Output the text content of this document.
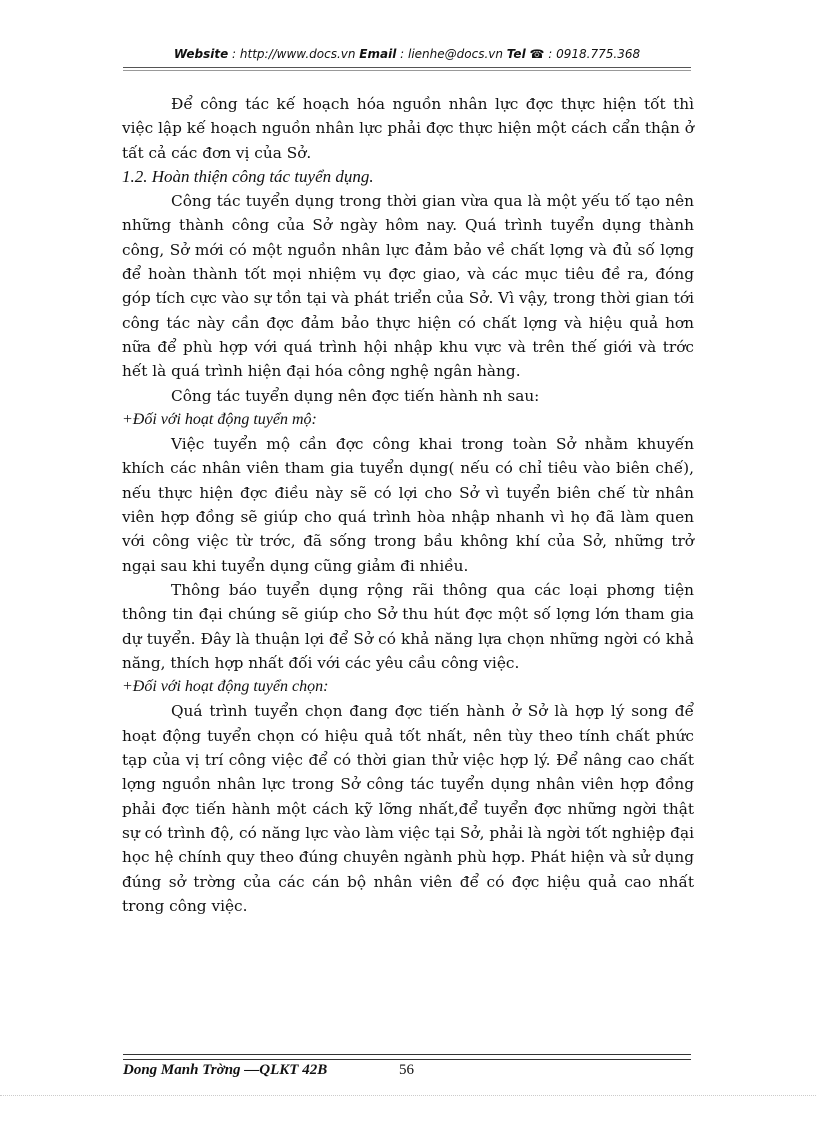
Website : http://www.docs.vn Email : lienhe@docs.vn Tel ☎ : 0918.775.368

Để công tác kế hoạch hóa nguồn nhân lực đợc thực hiện tốt thì việc lập kế hoạch nguồn nhân lực phải đợc thực hiện một cách cẩn thận ở tất cả các đơn vị của Sở.

1.2. Hoàn thiện công tác tuyển dụng.

Công tác tuyển dụng trong thời gian vừa qua là một yếu tố tạo nên những thành công của Sở ngày hôm nay. Quá trình tuyển dụng thành công, Sở mới có một nguồn nhân lực đảm bảo về chất lợng và đủ số lợng để hoàn thành tốt mọi nhiệm vụ đợc giao, và các mục tiêu đề ra, đóng góp tích cực vào sự tồn tại và phát triển của Sở. Vì vậy, trong thời gian tới công tác này cần đợc đảm bảo thực hiện có chất lợng và hiệu quả hơn nữa để phù hợp với quá trình hội nhập khu vực và trên thế giới và trớc hết là quá trình hiện đại hóa công nghệ ngân hàng.

Công tác tuyển dụng nên đợc tiến hành nh sau:

+Đối với hoạt động tuyển mộ:

Việc tuyển mộ cần đợc công khai trong toàn Sở nhằm khuyến khích các nhân viên tham gia tuyển dụng( nếu có chỉ tiêu vào biên chế), nếu thực hiện đợc điều này sẽ có lợi cho Sở vì tuyển biên chế từ nhân viên hợp đồng sẽ giúp cho quá trình hòa nhập nhanh vì họ đã làm quen với công việc từ trớc, đã sống trong bầu không khí của Sở, những trở ngại sau khi tuyển dụng cũng giảm đi nhiều.

Thông báo tuyển dụng rộng rãi thông qua các loại phơng tiện thông tin đại chúng sẽ giúp cho Sở thu hút đợc một số lợng lớn tham gia dự tuyển. Đây là thuận lợi để Sở có khả năng lựa chọn những ngời có khả năng, thích hợp nhất đối với các yêu cầu công việc.

+Đối với hoạt động tuyển chọn:

Quá trình tuyển chọn đang đợc tiến hành ở Sở là hợp lý song để hoạt động tuyển chọn có hiệu quả tốt nhất, nên tùy theo tính chất phức tạp của vị trí công việc để có thời gian thử việc hợp lý. Để nâng cao chất lợng nguồn nhân lực trong Sở công tác tuyển dụng nhân viên hợp đồng phải đợc tiến hành một cách kỹ lỡng nhất,để tuyển đợc những ngời thật sự có trình độ, có năng lực vào làm việc tại Sở, phải là ngời tốt nghiệp đại học hệ chính quy theo đúng chuyên ngành phù hợp. Phát hiện và sử dụng đúng sở trờng của các cán bộ nhân viên để có đợc hiệu quả cao nhất trong công việc.

Dong Manh Trờng —QLKT 42B	56
